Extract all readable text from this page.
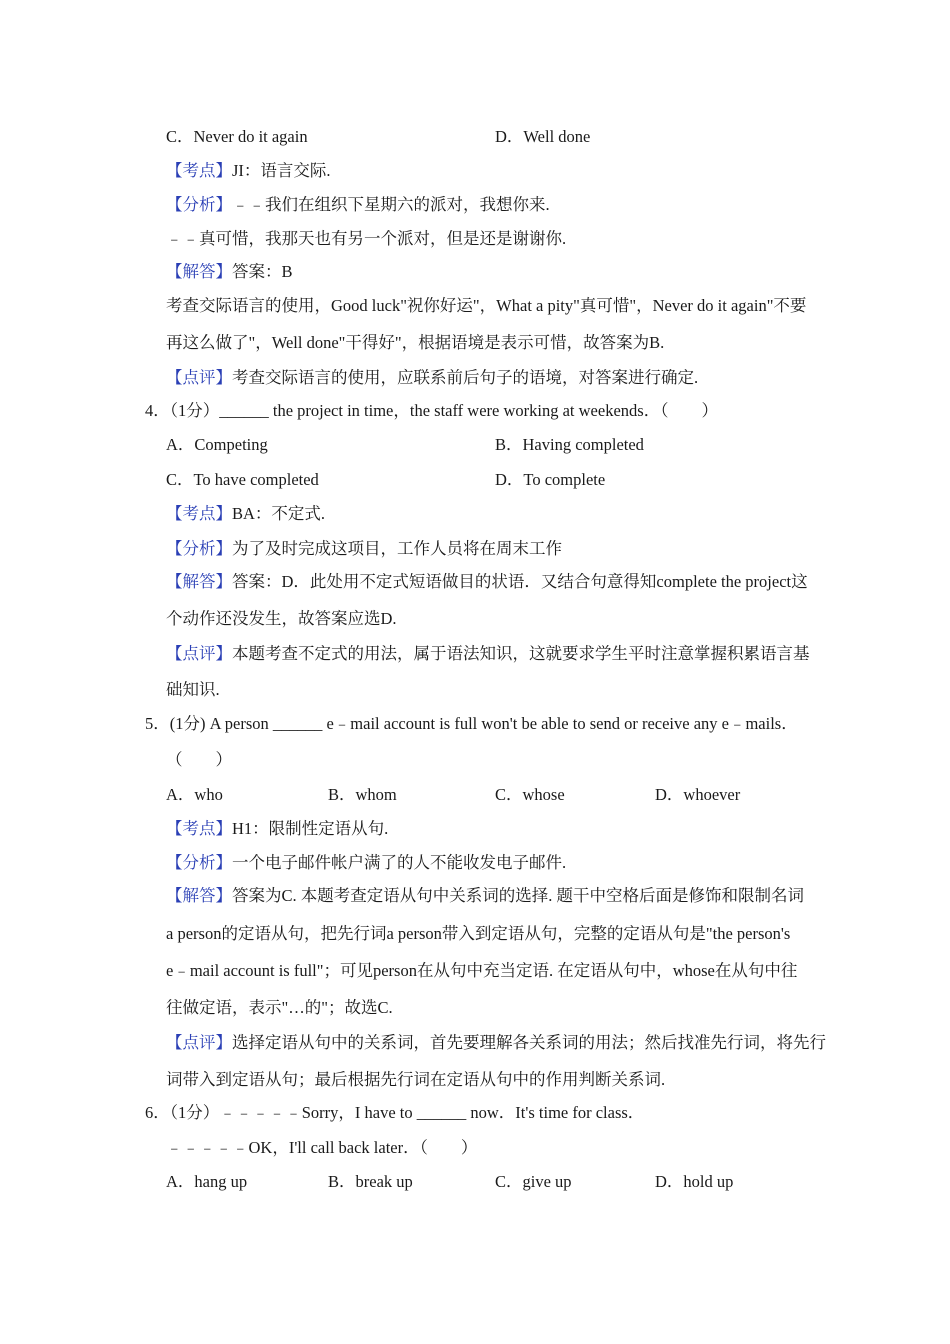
C．Never do it again	D．Well done
【考点】JI：语言交际.
【分析】﹣﹣我们在组织下星期六的派对，我想你来.
﹣﹣真可惜，我那天也有另一个派对，但是还是谢谢你.
【解答】答案：B
考查交际语言的使用，Good luck"祝你好运"，What a pity"真可惜"，Never do it again"不要
再这么做了"，Well done"干得好"，根据语境是表示可惜，故答案为B.
【点评】考查交际语言的使用，应联系前后句子的语境，对答案进行确定.
4．（1分）______ the project in time，the staff were working at weekends．（　　）
A．Competing	B．Having completed
C．To have completed	D．To complete
【考点】BA：不定式.
【分析】为了及时完成这项目，工作人员将在周末工作
【解答】答案：D．此处用不定式短语做目的状语．又结合句意得知complete the project这
个动作还没发生，故答案应选D.
【点评】本题考查不定式的用法，属于语法知识，这就要求学生平时注意掌握积累语言基
础知识.
5．(1分) A person ______ e﹣mail account is full won't be able to send or receive any e﹣mails．
（　　）
A．who	B．whom	C．whose	D．whoever
【考点】H1：限制性定语从句.
【分析】一个电子邮件帐户满了的人不能收发电子邮件.
【解答】答案为C. 本题考查定语从句中关系词的选择. 题干中空格后面是修饰和限制名词
a person的定语从句，把先行词a person带入到定语从句，完整的定语从句是"the person's
e﹣mail account is full"；可见person在从句中充当定语. 在定语从句中，whose在从句中往
往做定语，表示"…的"；故选C.
【点评】选择定语从句中的关系词，首先要理解各关系词的用法；然后找准先行词，将先行
词带入到定语从句；最后根据先行词在定语从句中的作用判断关系词.
6．（1分）﹣﹣﹣﹣﹣Sorry，I have to ______ now．It's time for class．
﹣﹣﹣﹣﹣OK，I'll call back later．（　　）
A．hang up	B．break up	C．give up	D．hold up
